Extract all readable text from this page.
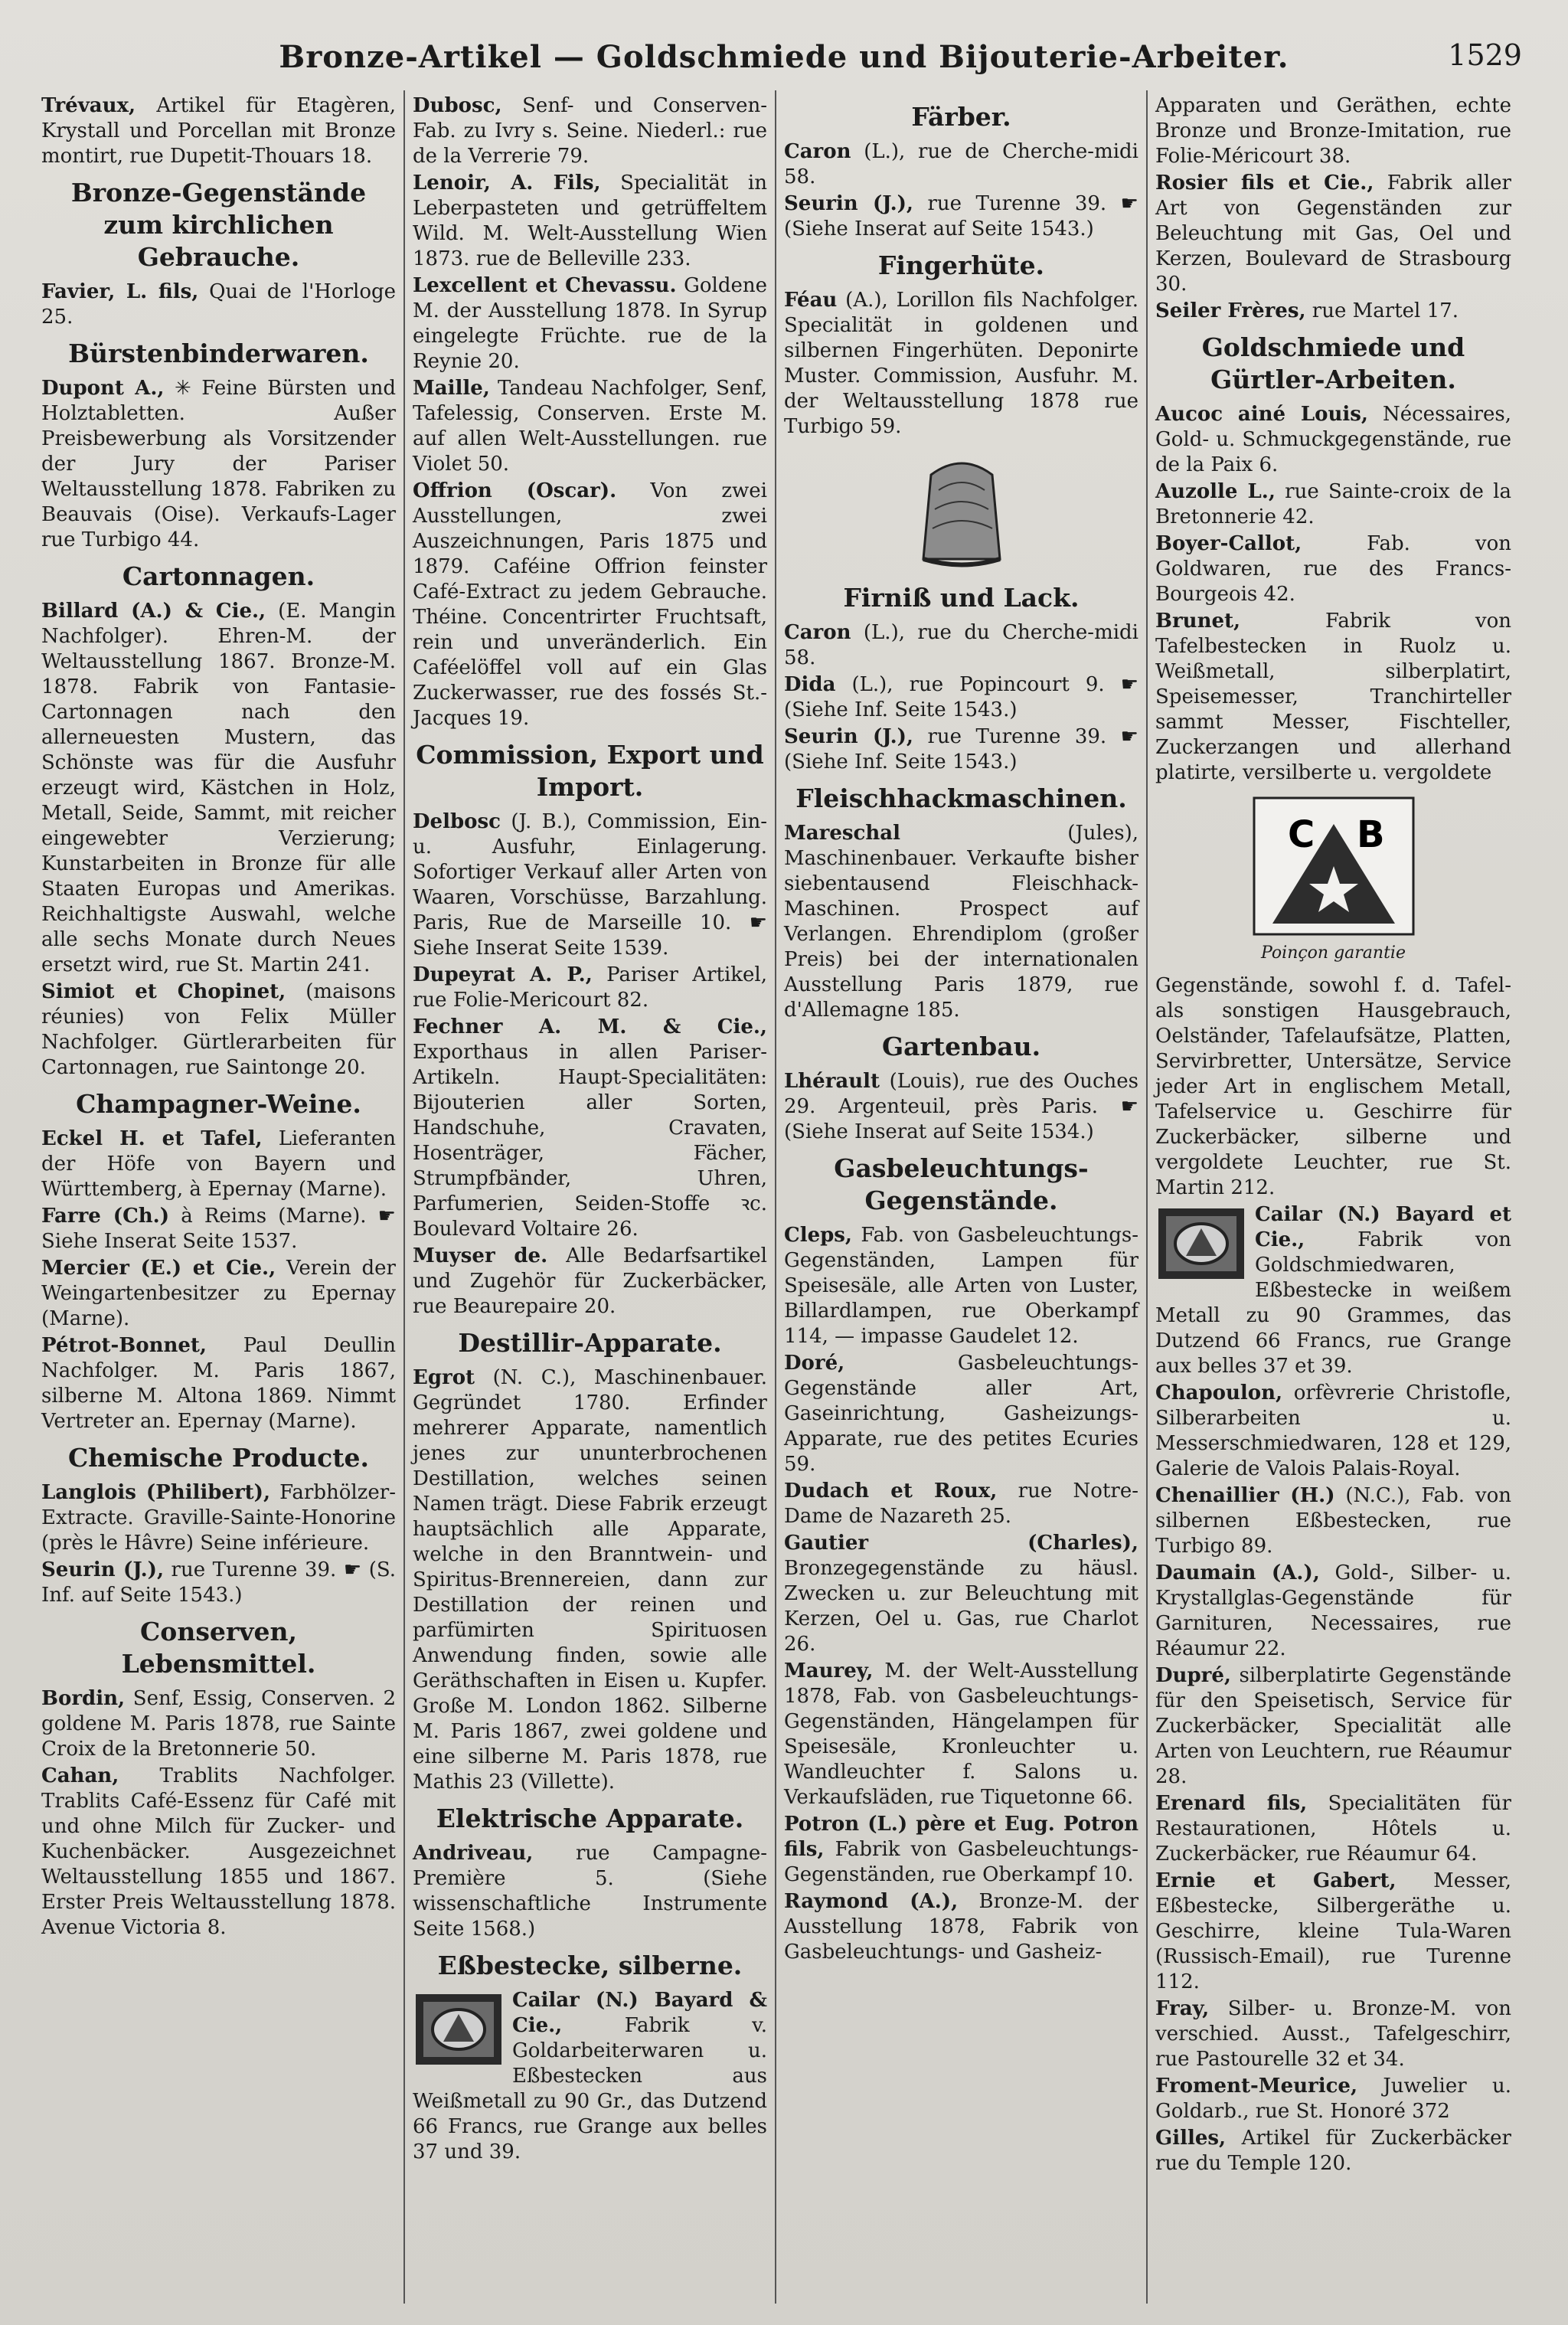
Bronze-Artikel — Goldschmiede und Bijouterie-Arbeiter.	1529
Trévaux, Artikel für Etagèren, Krystall und Porcellan mit Bronze montirt, rue Dupetit-Thouars 18.
Bronze-Gegenstände zum kirchlichen Gebrauche.
Favier, L. fils, Quai de l'Horloge 25.
Bürstenbinderwaren.
Dupont A., ✳ Feine Bürsten und Holztabletten. Außer Preisbewerbung als Vorsitzender der Jury der Pariser Weltausstellung 1878. Fabriken zu Beauvais (Oise). Verkaufs-Lager rue Turbigo 44.
Cartonnagen.
Billard (A.) & Cie., (E. Mangin Nachfolger). Ehren-M. der Weltausstellung 1867. Bronze-M. 1878. Fabrik von Fantasie-Cartonnagen nach den allerneuesten Mustern, das Schönste was für die Ausfuhr erzeugt wird, Kästchen in Holz, Metall, Seide, Sammt, mit reicher eingewebter Verzierung; Kunstarbeiten in Bronze für alle Staaten Europas und Amerikas. Reichhaltigste Auswahl, welche alle sechs Monate durch Neues ersetzt wird, rue St. Martin 241.
Simiot et Chopinet, (maisons réunies) von Felix Müller Nachfolger. Gürtlerarbeiten für Cartonnagen, rue Saintonge 20.
Champagner-Weine.
Eckel H. et Tafel, Lieferanten der Höfe von Bayern und Württemberg, à Epernay (Marne).
Farre (Ch.) à Reims (Marne). ☛ Siehe Inserat Seite 1537.
Mercier (E.) et Cie., Verein der Weingartenbesitzer zu Epernay (Marne).
Pétrot-Bonnet, Paul Deullin Nachfolger. M. Paris 1867, silberne M. Altona 1869. Nimmt Vertreter an. Epernay (Marne).
Chemische Producte.
Langlois (Philibert), Farbhölzer-Extracte. Graville-Sainte-Honorine (près le Hâvre) Seine inférieure.
Seurin (J.), rue Turenne 39. ☛ (S. Inf. auf Seite 1543.)
Conserven, Lebensmittel.
Bordin, Senf, Essig, Conserven. 2 goldene M. Paris 1878, rue Sainte Croix de la Bretonnerie 50.
Cahan, Trablits Nachfolger. Trablits Café-Essenz für Café mit und ohne Milch für Zucker- und Kuchenbäcker. Ausgezeichnet Weltausstellung 1855 und 1867. Erster Preis Weltausstellung 1878. Avenue Victoria 8.
Dubosc, Senf- und Conserven-Fab. zu Ivry s. Seine. Niederl.: rue de la Verrerie 79.
Lenoir, A. Fils, Specialität in Leberpasteten und getrüffeltem Wild. M. Welt-Ausstellung Wien 1873. rue de Belleville 233.
Lexcellent et Chevassu. Goldene M. der Ausstellung 1878. In Syrup eingelegte Früchte. rue de la Reynie 20.
Maille, Tandeau Nachfolger, Senf, Tafelessig, Conserven. Erste M. auf allen Welt-Ausstellungen. rue Violet 50.
Offrion (Oscar). Von zwei Ausstellungen, zwei Auszeichnungen, Paris 1875 und 1879. Caféine Offrion feinster Café-Extract zu jedem Gebrauche. Théine. Concentrirter Fruchtsaft, rein und unveränderlich. Ein Caféelöffel voll auf ein Glas Zuckerwasser, rue des fossés St.-Jacques 19.
Commission, Export und Import.
Delbosc (J. B.), Commission, Ein- u. Ausfuhr, Einlagerung. Sofortiger Verkauf aller Arten von Waaren, Vorschüsse, Barzahlung. Paris, Rue de Marseille 10. ☛ Siehe Inserat Seite 1539.
Dupeyrat A. P., Pariser Artikel, rue Folie-Mericourt 82.
Fechner A. M. & Cie., Exporthaus in allen Pariser-Artikeln. Haupt-Specialitäten: Bijouterien aller Sorten, Handschuhe, Cravaten, Hosenträger, Fächer, Strumpfbänder, Uhren, Parfumerien, Seiden-Stoffe ꝛc. Boulevard Voltaire 26.
Muyser de. Alle Bedarfsartikel und Zugehör für Zuckerbäcker, rue Beaurepaire 20.
Destillir-Apparate.
Egrot (N. C.), Maschinenbauer. Gegründet 1780. Erfinder mehrerer Apparate, namentlich jenes zur ununterbrochenen Destillation, welches seinen Namen trägt. Diese Fabrik erzeugt hauptsächlich alle Apparate, welche in den Branntwein- und Spiritus-Brennereien, dann zur Destillation der reinen und parfümirten Spirituosen Anwendung finden, sowie alle Geräthschaften in Eisen u. Kupfer. Große M. London 1862. Silberne M. Paris 1867, zwei goldene und eine silberne M. Paris 1878, rue Mathis 23 (Villette).
Elektrische Apparate.
Andriveau, rue Campagne-Première 5. (Siehe wissenschaftliche Instrumente Seite 1568.)
Eßbestecke, silberne.
Cailar (N.) Bayard & Cie., Fabrik v. Goldarbeiterwaren u. Eßbestecken aus Weißmetall zu 90 Gr., das Dutzend 66 Francs, rue Grange aux belles 37 und 39.
Färber.
Caron (L.), rue de Cherche-midi 58.
Seurin (J.), rue Turenne 39. ☛ (Siehe Inserat auf Seite 1543.)
Fingerhüte.
Féau (A.), Lorillon fils Nachfolger. Specialität in goldenen und silbernen Fingerhüten. Deponirte Muster. Commission, Ausfuhr. M. der Weltausstellung 1878 rue Turbigo 59.
Firniß und Lack.
Caron (L.), rue du Cherche-midi 58.
Dida (L.), rue Popincourt 9. ☛ (Siehe Inf. Seite 1543.)
Seurin (J.), rue Turenne 39. ☛ (Siehe Inf. Seite 1543.)
Fleischhackmaschinen.
Mareschal (Jules), Maschinenbauer. Verkaufte bisher siebentausend Fleischhack-Maschinen. Prospect auf Verlangen. Ehrendiplom (großer Preis) bei der internationalen Ausstellung Paris 1879, rue d'Allemagne 185.
Gartenbau.
Lhérault (Louis), rue des Ouches 29. Argenteuil, près Paris. ☛ (Siehe Inserat auf Seite 1534.)
Gasbeleuchtungs-Gegenstände.
Cleps, Fab. von Gasbeleuchtungs-Gegenständen, Lampen für Speisesäle, alle Arten von Luster, Billardlampen, rue Oberkampf 114, — impasse Gaudelet 12.
Doré, Gasbeleuchtungs-Gegenstände aller Art, Gaseinrichtung, Gasheizungs-Apparate, rue des petites Ecuries 59.
Dudach et Roux, rue Notre-Dame de Nazareth 25.
Gautier (Charles), Bronzegegenstände zu häusl. Zwecken u. zur Beleuchtung mit Kerzen, Oel u. Gas, rue Charlot 26.
Maurey, M. der Welt-Ausstellung 1878, Fab. von Gasbeleuchtungs-Gegenständen, Hängelampen für Speisesäle, Kronleuchter u. Wandleuchter f. Salons u. Verkaufsläden, rue Tiquetonne 66.
Potron (L.) père et Eug. Potron fils, Fabrik von Gasbeleuchtungs-Gegenständen, rue Oberkampf 10.
Raymond (A.), Bronze-M. der Ausstellung 1878, Fabrik von Gasbeleuchtungs- und Gasheiz-
Apparaten und Geräthen, echte Bronze und Bronze-Imitation, rue Folie-Méricourt 38.
Rosier fils et Cie., Fabrik aller Art von Gegenständen zur Beleuchtung mit Gas, Oel und Kerzen, Boulevard de Strasbourg 30.
Seiler Frères, rue Martel 17.
Goldschmiede und Gürtler-Arbeiten.
Aucoc ainé Louis, Nécessaires, Gold- u. Schmuckgegenstände, rue de la Paix 6.
Auzolle L., rue Sainte-croix de la Bretonnerie 42.
Boyer-Callot, Fab. von Goldwaren, rue des Francs-Bourgeois 42.
Brunet, Fabrik von Tafelbestecken in Ruolz u. Weißmetall, silberplatirt, Speisemesser, Tranchirteller sammt Messer, Fischteller, Zuckerzangen und allerhand platirte, versilberte u. vergoldete
C B
Poinçon garantie
Gegenstände, sowohl f. d. Tafel- als sonstigen Hausgebrauch, Oelständer, Tafelaufsätze, Platten, Servirbretter, Untersätze, Service jeder Art in englischem Metall, Tafelservice u. Geschirre für Zuckerbäcker, silberne und vergoldete Leuchter, rue St. Martin 212.
Cailar (N.) Bayard et Cie., Fabrik von Goldschmiedwaren, Eßbestecke in weißem Metall zu 90 Grammes, das Dutzend 66 Francs, rue Grange aux belles 37 et 39.
Chapoulon, orfèvrerie Christofle, Silberarbeiten u. Messerschmiedwaren, 128 et 129, Galerie de Valois Palais-Royal.
Chenaillier (H.) (N.C.), Fab. von silbernen Eßbestecken, rue Turbigo 89.
Daumain (A.), Gold-, Silber- u. Krystallglas-Gegenstände für Garnituren, Necessaires, rue Réaumur 22.
Dupré, silberplatirte Gegenstände für den Speisetisch, Service für Zuckerbäcker, Specialität alle Arten von Leuchtern, rue Réaumur 28.
Erenard fils, Specialitäten für Restaurationen, Hôtels u. Zuckerbäcker, rue Réaumur 64.
Ernie et Gabert, Messer, Eßbestecke, Silbergeräthe u. Geschirre, kleine Tula-Waren (Russisch-Email), rue Turenne 112.
Fray, Silber- u. Bronze-M. von verschied. Ausst., Tafelgeschirr, rue Pastourelle 32 et 34.
Froment-Meurice, Juwelier u. Goldarb., rue St. Honoré 372
Gilles, Artikel für Zuckerbäcker rue du Temple 120.
